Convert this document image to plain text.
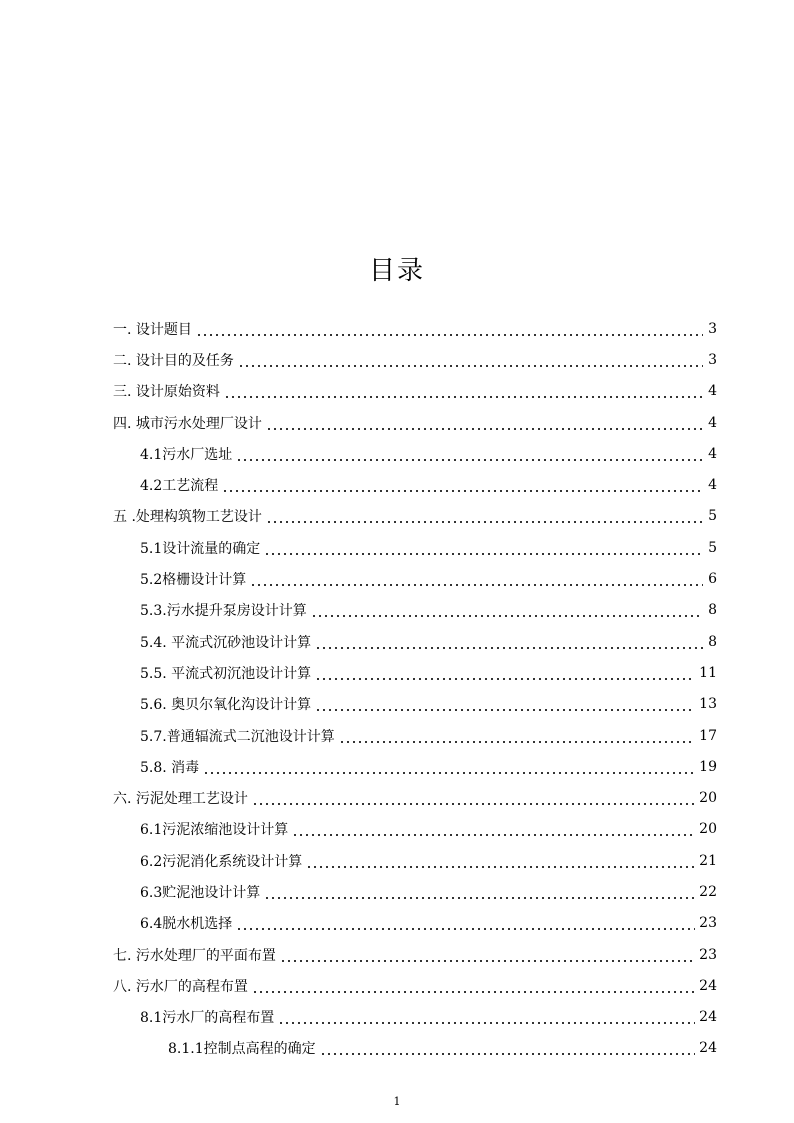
目录
一. 设计题目	3
二. 设计目的及任务	3
三. 设计原始资料	4
四. 城市污水处理厂设计	4
4.1污水厂选址	4
4.2工艺流程	4
五 .处理构筑物工艺设计	5
5.1设计流量的确定	5
5.2格栅设计计算	6
5.3.污水提升泵房设计计算	8
5.4. 平流式沉砂池设计计算	8
5.5. 平流式初沉池设计计算	11
5.6. 奥贝尔氧化沟设计计算	13
5.7.普通辐流式二沉池设计计算	17
5.8. 消毒	19
六. 污泥处理工艺设计	20
6.1污泥浓缩池设计计算	20
6.2污泥消化系统设计计算	21
6.3贮泥池设计计算	22
6.4脱水机选择	23
七. 污水处理厂的平面布置	23
八. 污水厂的高程布置	24
8.1污水厂的高程布置	24
8.1.1控制点高程的确定	24
1
